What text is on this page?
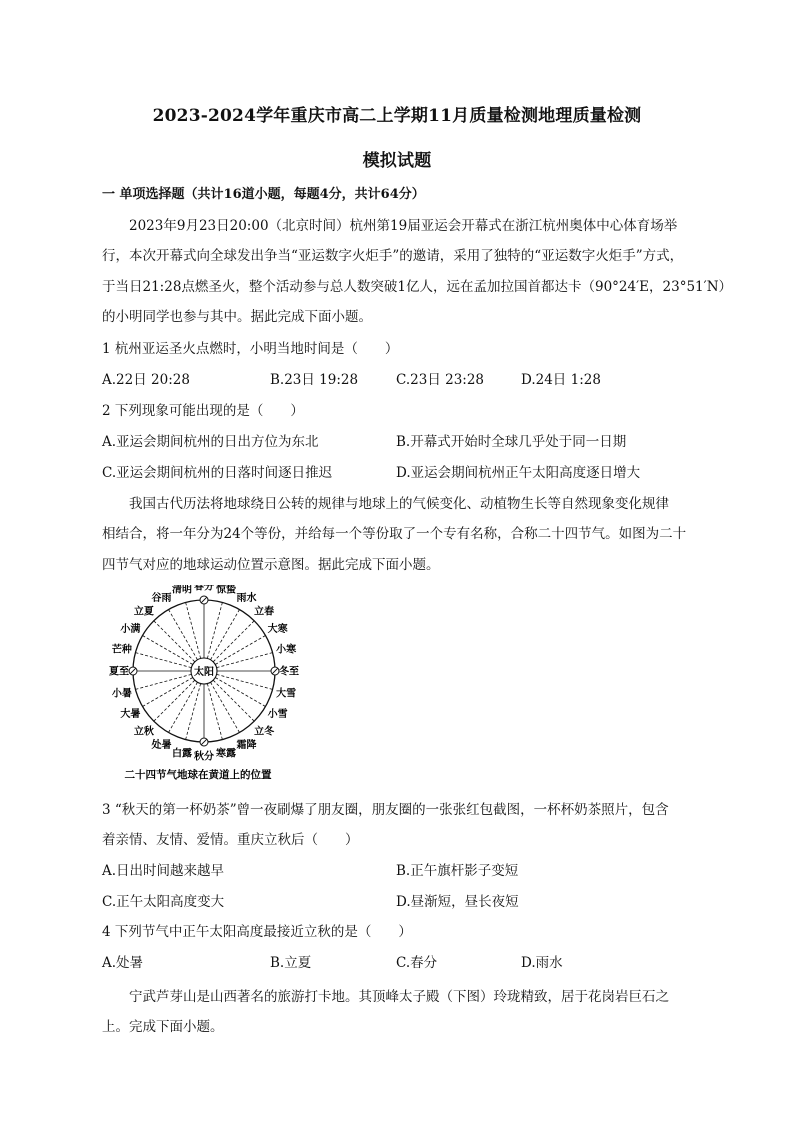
2023-2024学年重庆市高二上学期11月质量检测地理质量检测
模拟试题
一 单项选择题（共计16道小题，每题4分，共计64分）
2023年9月23日20:00（北京时间）杭州第19届亚运会开幕式在浙江杭州奥体中心体育场举
行，本次开幕式向全球发出争当“亚运数字火炬手”的邀请，采用了独特的“亚运数字火炬手”方式，
于当日21:28点燃圣火，整个活动参与总人数突破1亿人，远在孟加拉国首都达卡（90°24′E，23°51′N）
的小明同学也参与其中。据此完成下面小题。
1 杭州亚运圣火点燃时，小明当地时间是（　　）
A.22日 20:28	B.23日 19:28	C.23日 23:28	D.24日 1:28
2 下列现象可能出现的是（　　）
A.亚运会期间杭州的日出方位为东北	B.开幕式开始时全球几乎处于同一日期
C.亚运会期间杭州的日落时间逐日推迟	D.亚运会期间杭州正午太阳高度逐日增大
我国古代历法将地球绕日公转的规律与地球上的气候变化、动植物生长等自然现象变化规律
相结合，将一年分为24个等份，并给每一个等份取了一个专有名称，合称二十四节气。如图为二十
四节气对应的地球运动位置示意图。据此完成下面小题。
太阳
春分 惊蛰
雨水
立春
大寒
小寒
冬至
大雪
小雪
立冬
霜降
寒露
秋分
白露
处暑
立秋
大暑
小暑
夏至
芒种
小满
立夏
谷雨
清明
二十四节气地球在黄道上的位置
3 “秋天的第一杯奶茶”曾一夜刷爆了朋友圈，朋友圈的一张张红包截图，一杯杯奶茶照片，包含
着亲情、友情、爱情。重庆立秋后（　　）
A.日出时间越来越早	B.正午旗杆影子变短
C.正午太阳高度变大	D.昼渐短，昼长夜短
4 下列节气中正午太阳高度最接近立秋的是（　　）
A.处暑	B.立夏	C.春分	D.雨水
宁武芦芽山是山西著名的旅游打卡地。其顶峰太子殿（下图）玲珑精致，居于花岗岩巨石之
上。完成下面小题。
